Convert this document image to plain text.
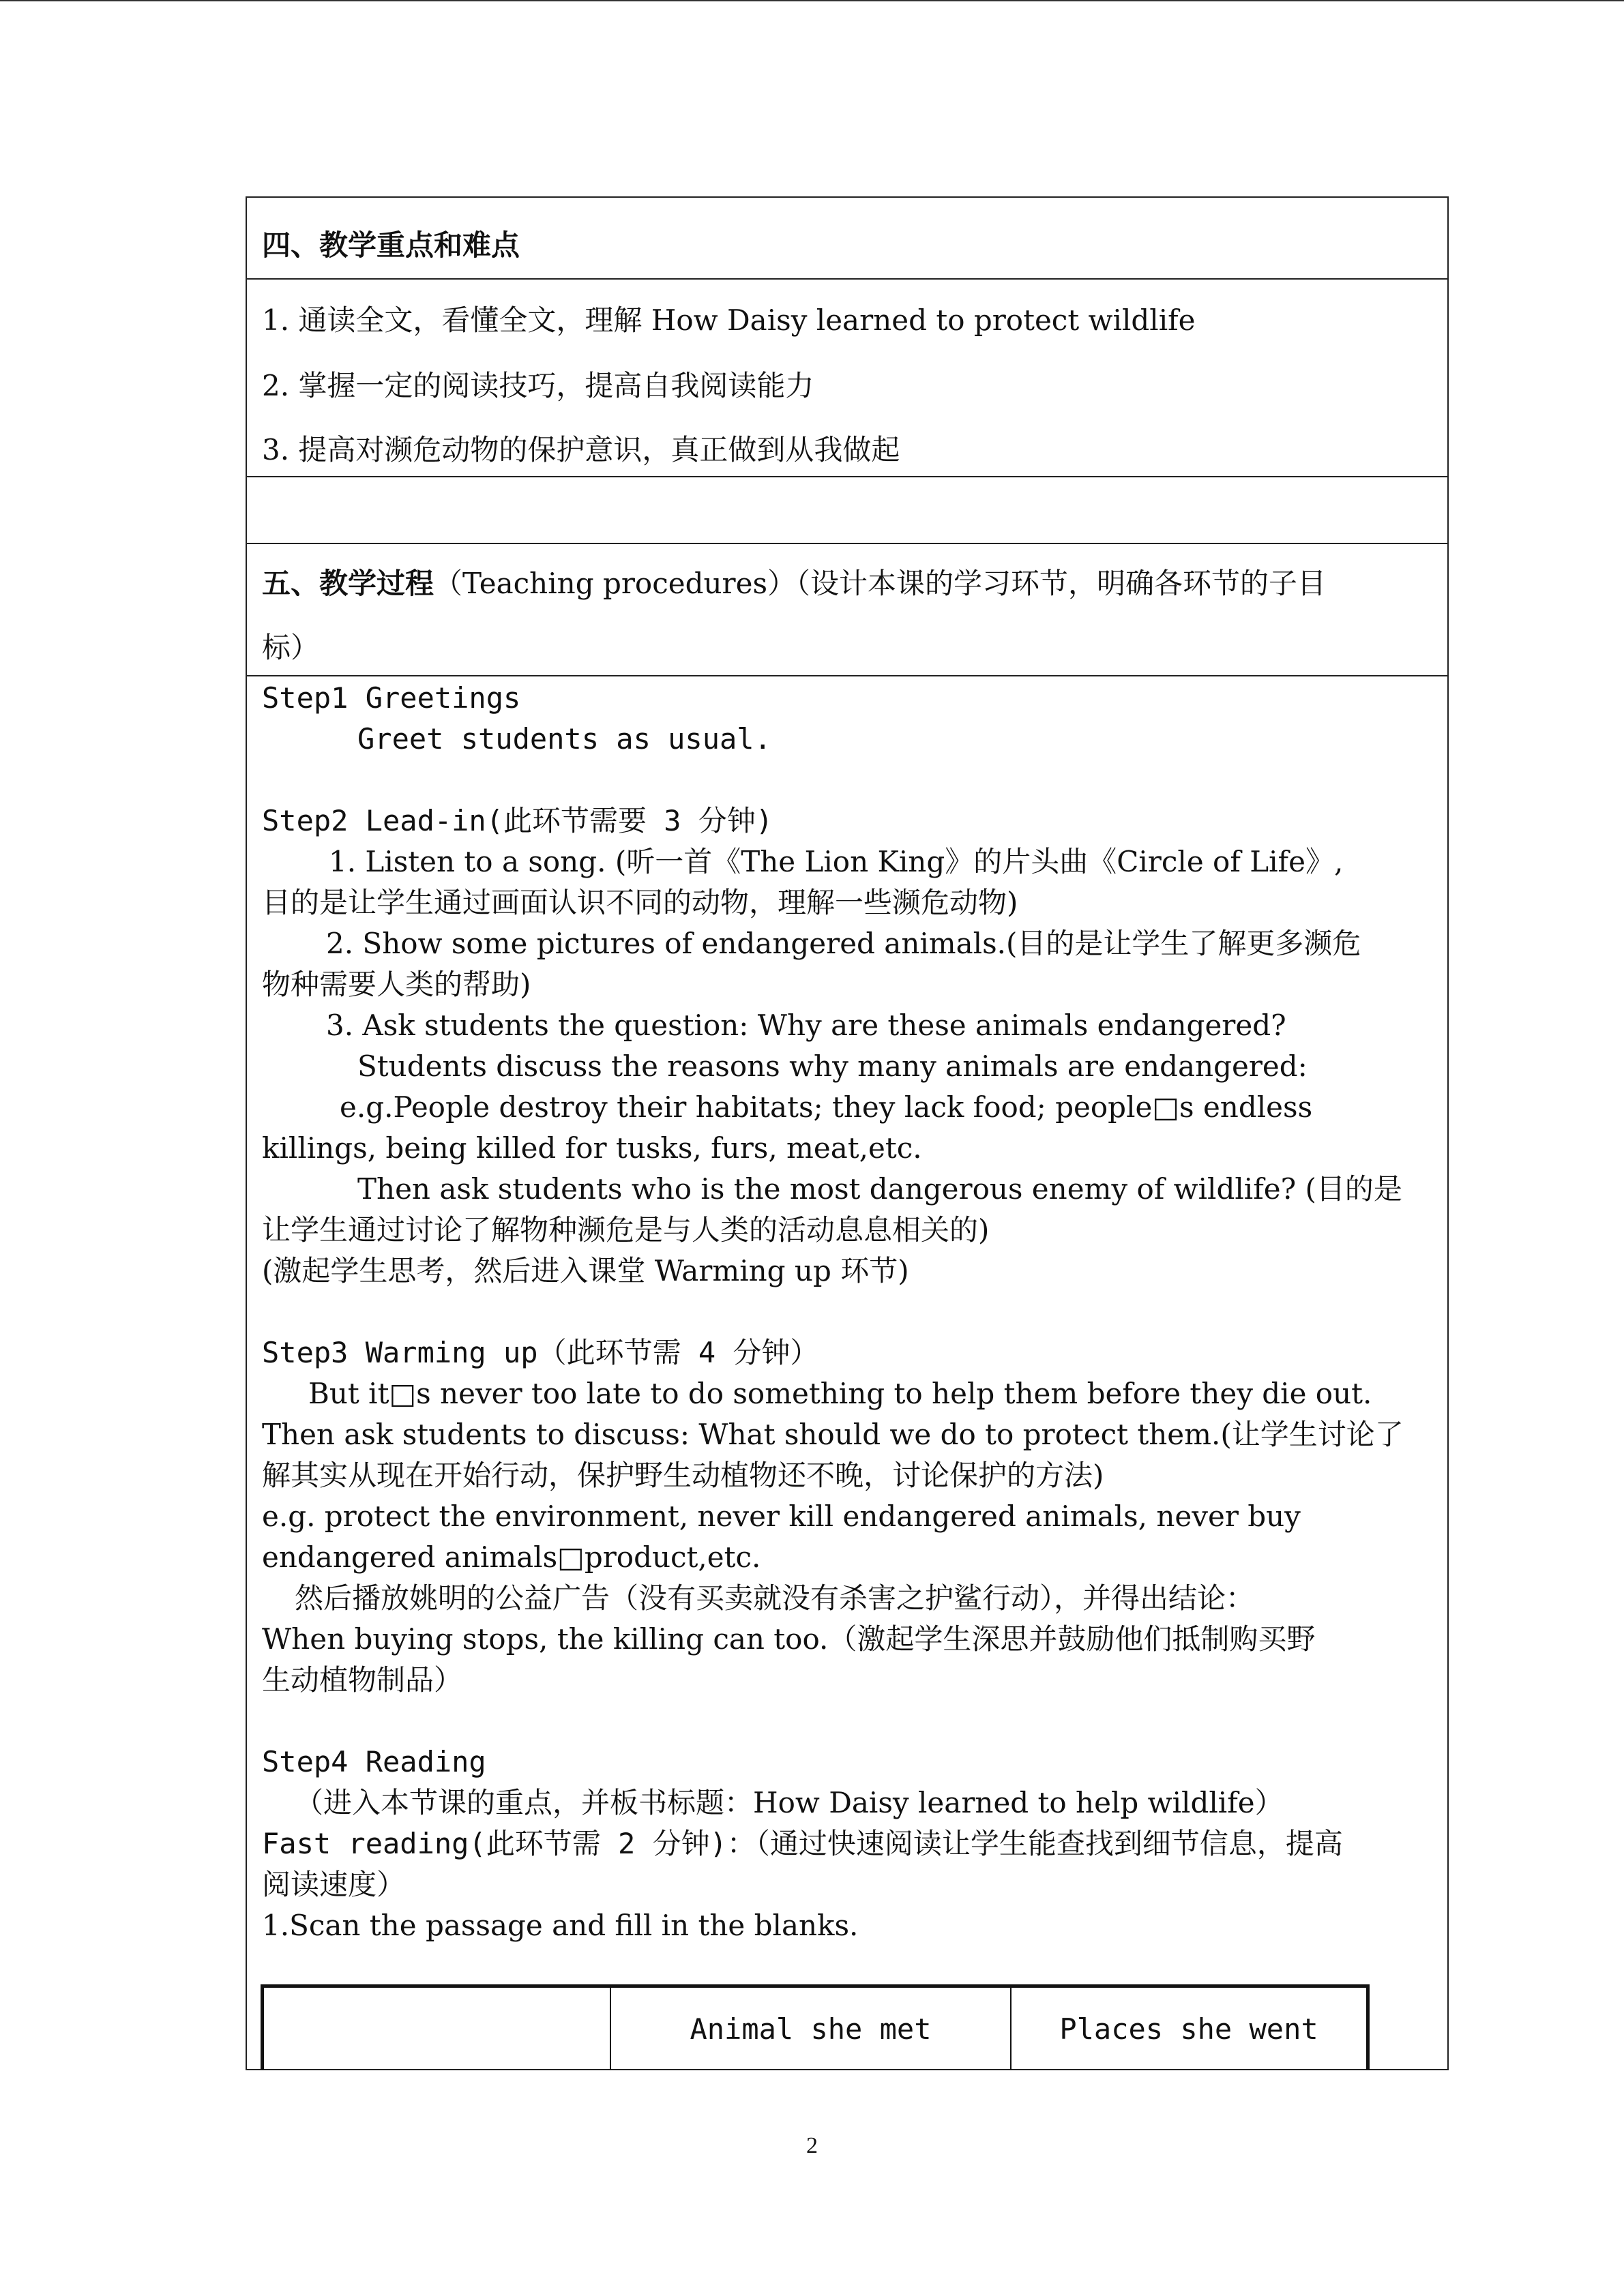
四、教学重点和难点
1. 通读全文，看懂全文，理解 How Daisy learned to protect wildlife
2. 掌握一定的阅读技巧，提高自我阅读能力
3. 提高对濒危动物的保护意识，真正做到从我做起
五、教学过程（Teaching procedures）（设计本课的学习环节，明确各环节的子目
标）
Step1 Greetings
Greet students as usual.
Step2 Lead-in(此环节需要 3 分钟)
1. Listen to a song. (听一首《The Lion King》的片头曲《Circle of Life》,
目的是让学生通过画面认识不同的动物，理解一些濒危动物)
2. Show some pictures of endangered animals.(目的是让学生了解更多濒危
物种需要人类的帮助)
3. Ask students the question: Why are these animals endangered?
Students discuss the reasons why many animals are endangered:
e.g.People destroy their habitats; they lack food; people□s endless
killings, being killed for tusks, furs, meat,etc.
Then ask students who is the most dangerous enemy of wildlife? (目的是
让学生通过讨论了解物种濒危是与人类的活动息息相关的)
(激起学生思考，然后进入课堂 Warming up 环节)
Step3 Warming up（此环节需 4 分钟）
But it□s never too late to do something to help them before they die out.
Then ask students to discuss: What should we do to protect them.(让学生讨论了
解其实从现在开始行动，保护野生动植物还不晚，讨论保护的方法)
e.g. protect the environment, never kill endangered animals, never buy
endangered animals□product,etc.
然后播放姚明的公益广告（没有买卖就没有杀害之护鲨行动），并得出结论：
When buying stops, the killing can too.（激起学生深思并鼓励他们抵制购买野
生动植物制品）
Step4 Reading
（进入本节课的重点，并板书标题：How Daisy learned to help wildlife）
Fast reading(此环节需 2 分钟)：（通过快速阅读让学生能查找到细节信息，提高
阅读速度）
1.Scan the passage and fill in the blanks.
Animal she met	Places she went
2
